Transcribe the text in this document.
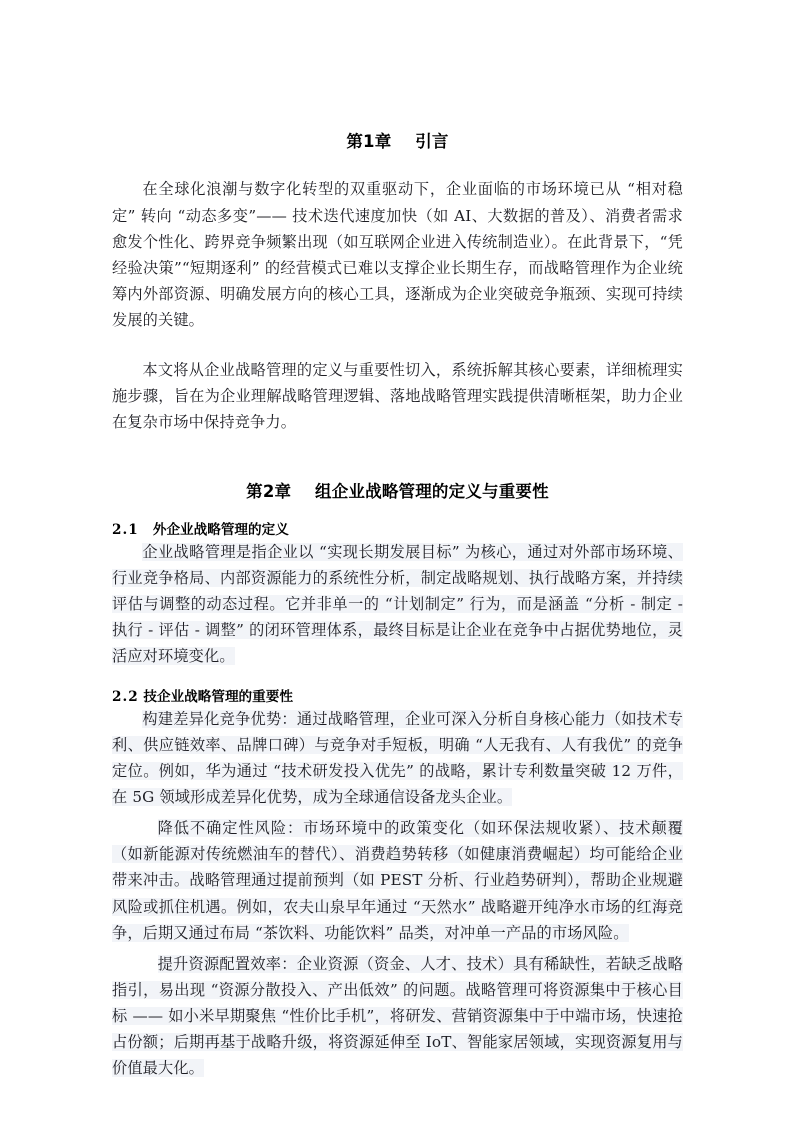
第1章    引言

在全球化浪潮与数字化转型的双重驱动下，企业面临的市场环境已从 “相对稳定” 转向 “动态多变”—— 技术迭代速度加快（如 AI、大数据的普及）、消费者需求愈发个性化、跨界竞争频繁出现（如互联网企业进入传统制造业）。在此背景下，“凭经验决策”“短期逐利” 的经营模式已难以支撑企业长期生存，而战略管理作为企业统筹内外部资源、明确发展方向的核心工具，逐渐成为企业突破竞争瓶颈、实现可持续发展的关键。

本文将从企业战略管理的定义与重要性切入，系统拆解其核心要素，详细梳理实施步骤，旨在为企业理解战略管理逻辑、落地战略管理实践提供清晰框架，助力企业在复杂市场中保持竞争力。

第2章    组企业战略管理的定义与重要性
2.1 外企业战略管理的定义

企业战略管理是指企业以 “实现长期发展目标” 为核心，通过对外部市场环境、行业竞争格局、内部资源能力的系统性分析，制定战略规划、执行战略方案，并持续评估与调整的动态过程。它并非单一的 “计划制定” 行为，而是涵盖 “分析 - 制定 - 执行 - 评估 - 调整” 的闭环管理体系，最终目标是让企业在竞争中占据优势地位，灵活应对环境变化。

2.2 技企业战略管理的重要性

构建差异化竞争优势：通过战略管理，企业可深入分析自身核心能力（如技术专利、供应链效率、品牌口碑）与竞争对手短板，明确 “人无我有、人有我优” 的竞争定位。例如，华为通过 “技术研发投入优先” 的战略，累计专利数量突破 12 万件，在 5G 领域形成差异化优势，成为全球通信设备龙头企业。

降低不确定性风险：市场环境中的政策变化（如环保法规收紧）、技术颠覆（如新能源对传统燃油车的替代）、消费趋势转移（如健康消费崛起）均可能给企业带来冲击。战略管理通过提前预判（如 PEST 分析、行业趋势研判），帮助企业规避风险或抓住机遇。例如，农夫山泉早年通过 “天然水” 战略避开纯净水市场的红海竞争，后期又通过布局 “茶饮料、功能饮料” 品类，对冲单一产品的市场风险。

提升资源配置效率：企业资源（资金、人才、技术）具有稀缺性，若缺乏战略指引，易出现 “资源分散投入、产出低效” 的问题。战略管理可将资源集中于核心目标 —— 如小米早期聚焦 “性价比手机”，将研发、营销资源集中于中端市场，快速抢占份额；后期再基于战略升级，将资源延伸至 IoT、智能家居领域，实现资源复用与价值最大化。
